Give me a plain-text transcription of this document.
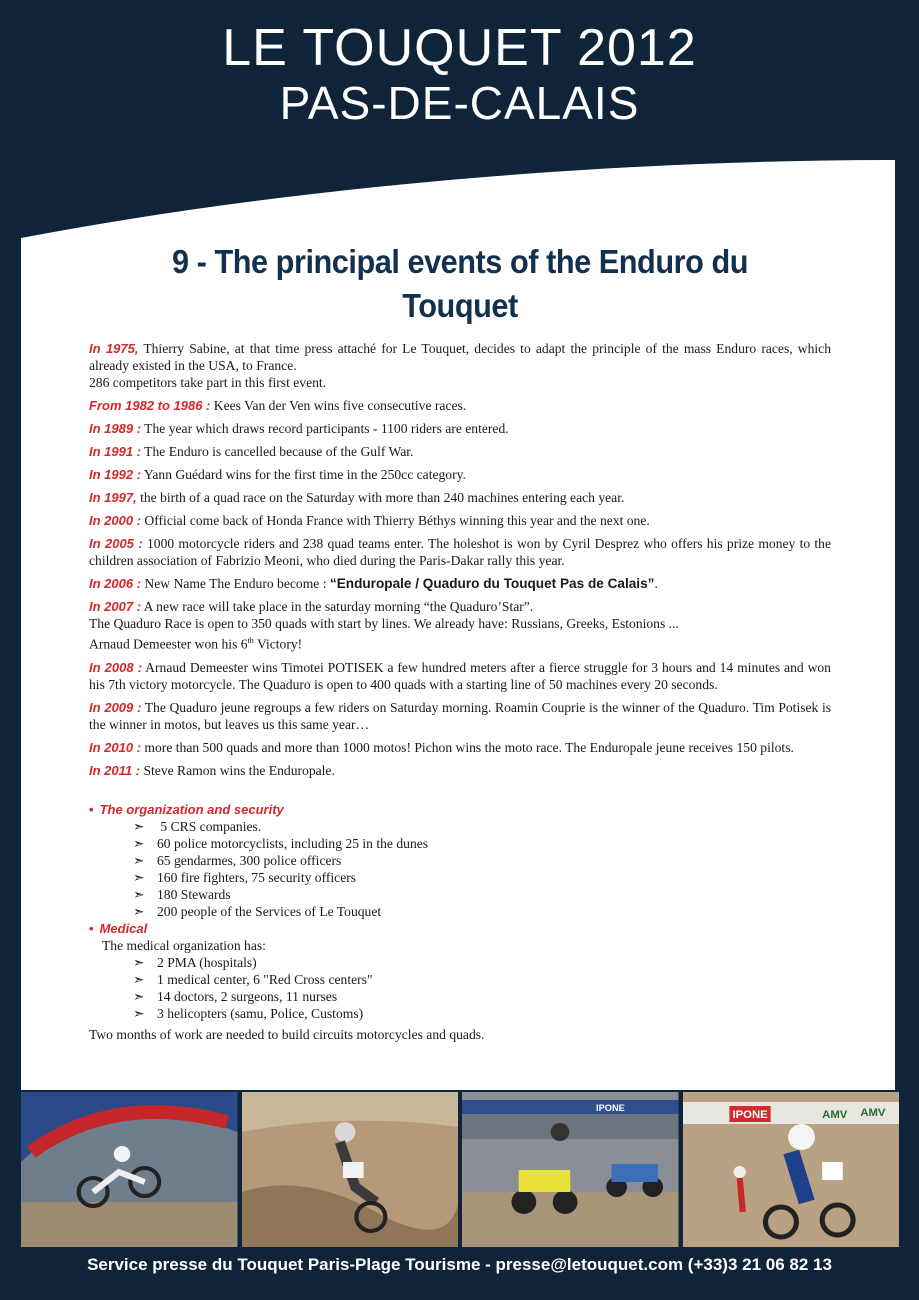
LE TOUQUET 2012
PAS-DE-CALAIS
9 - The principal events of the Enduro du Touquet

In 1975, Thierry Sabine, at that time press attaché for Le Touquet, decides to adapt the principle of the mass Enduro races, which already existed in the USA, to France.
286 competitors take part in this first event.

From 1982 to 1986 : Kees Van der Ven wins five consecutive races.

In 1989 : The year which draws record participants - 1100 riders are entered.

In 1991 : The Enduro is cancelled because of the Gulf War.

In 1992 : Yann Guédard wins for the first time in the 250cc category.

In 1997, the birth of a quad race on the Saturday with more than 240 machines entering each year.

In 2000 : Official come back of Honda France with Thierry Béthys winning this year and the next one.

In 2005 : 1000 motorcycle riders and 238 quad teams enter. The holeshot is won by Cyril Desprez who offers his prize money to the children association of Fabrizio Meoni, who died during the Paris-Dakar rally this year.

In 2006 : New Name The Enduro become : “Enduropale / Quaduro du Touquet Pas de Calais”.

In 2007 : A new race will take place in the saturday morning “the Quaduro’Star”.
The Quaduro Race is open to 350 quads with start by lines. We already have: Russians, Greeks, Estonions ...
Arnaud Demeester won his 6th Victory!

In 2008 : Arnaud Demeester wins Timotei POTISEK a few hundred meters after a fierce struggle for 3 hours and 14 minutes and won his 7th victory motorcycle. The Quaduro is open to 400 quads with a starting line of 50 machines every 20 seconds.

In 2009 : The Quaduro jeune regroups a few riders on Saturday morning. Roamin Couprie is the winner of the Quaduro. Tim Potisek is the winner in motos, but leaves us this same year…

In 2010 : more than 500 quads and more than 1000 motos! Pichon wins the moto race. The Enduropale jeune receives 150 pilots.

In 2011 : Steve Ramon wins the Enduropale.

• The organization and security

➣ 5 CRS companies.
➣ 60 police motorcyclists, including 25 in the dunes
➣ 65 gendarmes, 300 police officers
➣ 160 fire fighters, 75 security officers
➣ 180 Stewards
➣ 200 people of the Services of Le Touquet

• Medical

The medical organization has:

➣ 2 PMA (hospitals)
➣ 1 medical center, 6 "Red Cross centers"
➣ 14 doctors, 2 surgeons, 11 nurses
➣ 3 helicopters (samu, Police, Customs)

Two months of work are needed to build circuits motorcycles and quads.

IPONE
IPONE	AMV AMV
Service presse du Touquet Paris-Plage Tourisme - presse@letouquet.com (+33)3 21 06 82 13
